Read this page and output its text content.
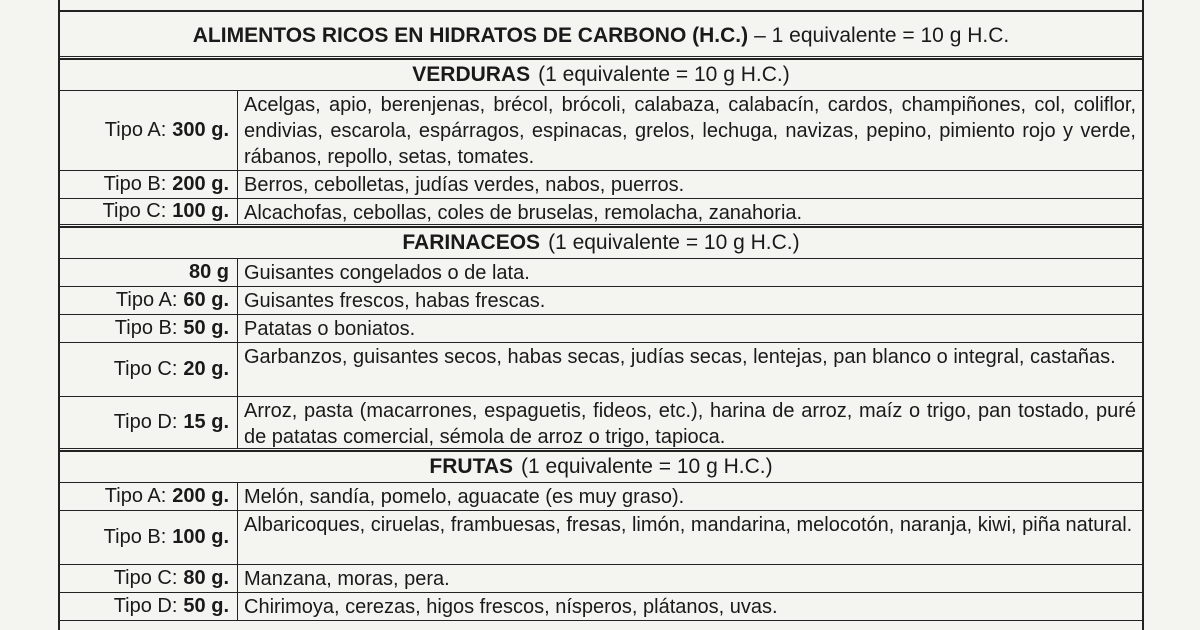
ALIMENTOS RICOS EN HIDRATOS DE CARBONO (H.C.) – 1 equivalente = 10 g H.C.
VERDURAS (1 equivalente = 10 g H.C.)
Tipo A: 300 g.
Acelgas, apio, berenjenas, brécol, brócoli, calabaza, calabacín, cardos, champiñones, col, coliflor, endivias, escarola, espárragos, espinacas, grelos, lechuga, navizas, pepino, pimiento rojo y verde, rábanos, repollo, setas, tomates.
Tipo B: 200 g. Berros, cebolletas, judías verdes, nabos, puerros.
Tipo C: 100 g. Alcachofas, cebollas, coles de bruselas, remolacha, zanahoria.
FARINACEOS (1 equivalente = 10 g H.C.)
80 g Guisantes congelados o de lata.
Tipo A: 60 g. Guisantes frescos, habas frescas.
Tipo B: 50 g. Patatas o boniatos.
Tipo C: 20 g.
Garbanzos, guisantes secos, habas secas, judías secas, lentejas, pan blanco o integral, castañas.
Tipo D: 15 g. Arroz, pasta (macarrones, espaguetis, fideos, etc.), harina de arroz, maíz o trigo, pan tostado, puré de patatas comercial, sémola de arroz o trigo, tapioca.
FRUTAS (1 equivalente = 10 g H.C.)
Tipo A: 200 g. Melón, sandía, pomelo, aguacate (es muy graso).
Tipo B: 100 g.
Albaricoques, ciruelas, frambuesas, fresas, limón, mandarina, melocotón, naranja, kiwi, piña natural.
Tipo C: 80 g. Manzana, moras, pera.
Tipo D: 50 g. Chirimoya, cerezas, higos frescos, nísperos, plátanos, uvas.
